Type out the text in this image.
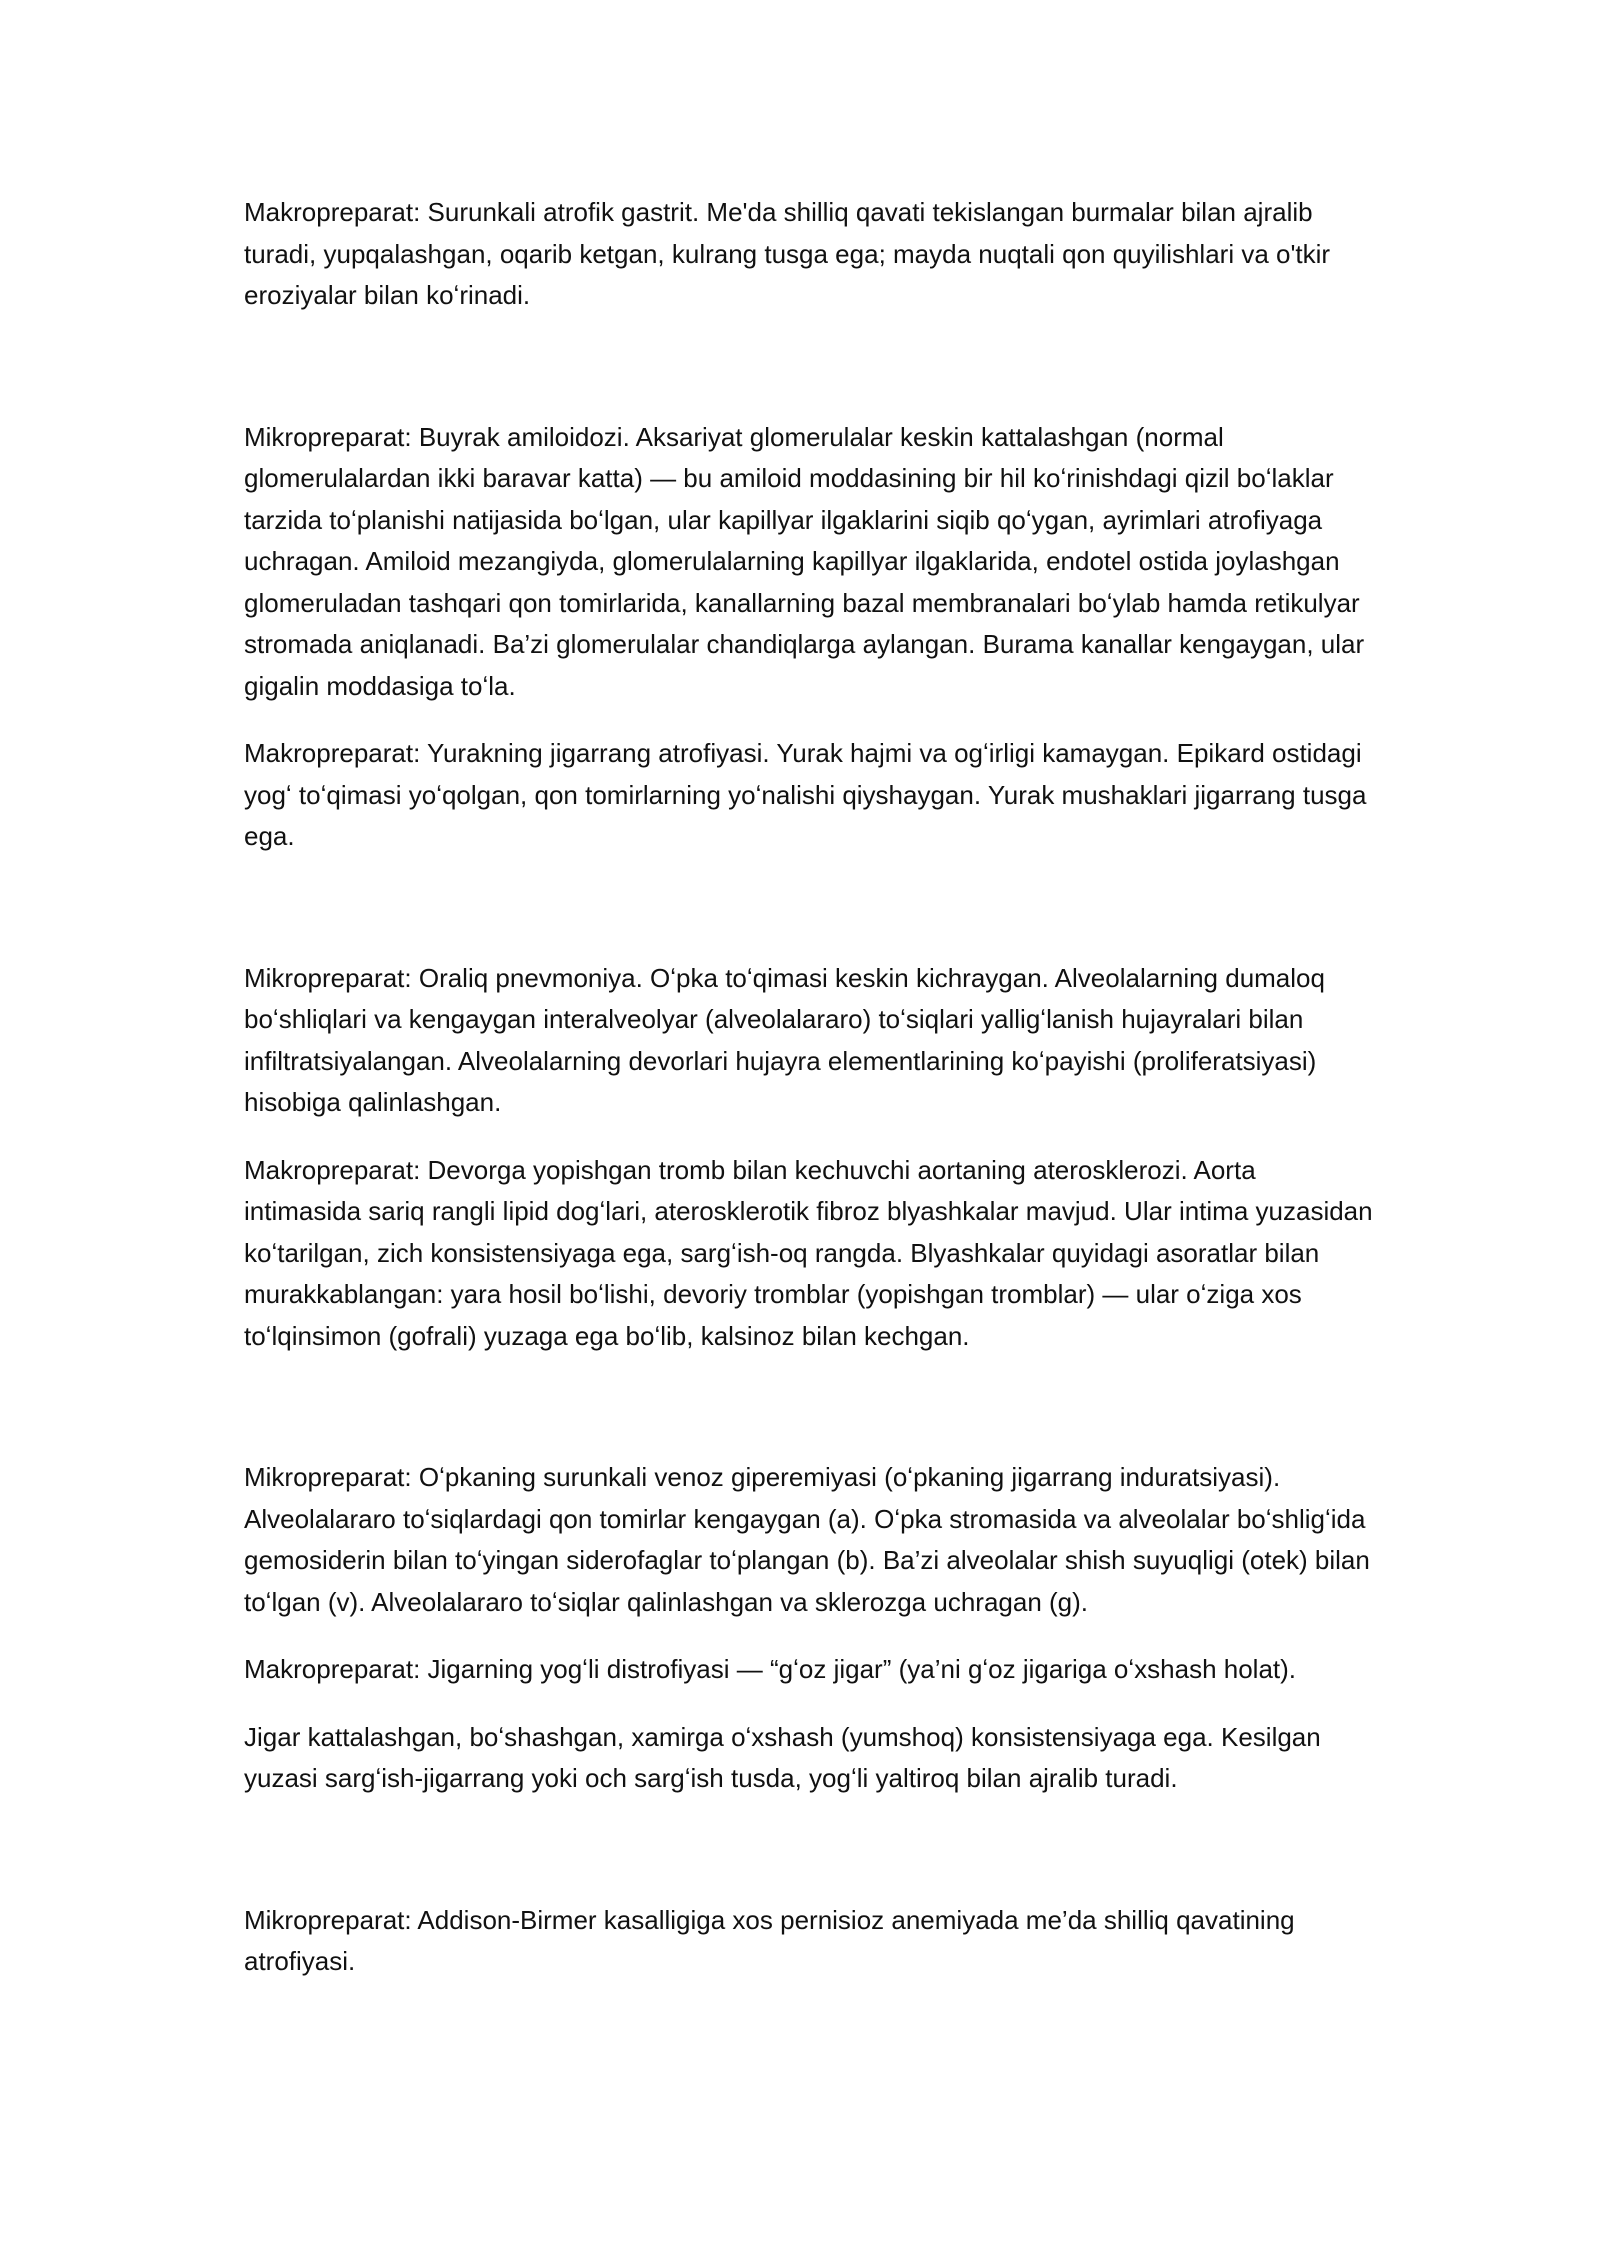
Makropreparat: Surunkali atrofik gastrit. Me'da shilliq qavati tekislangan burmalar bilan ajralib turadi, yupqalashgan, oqarib ketgan, kulrang tusga ega; mayda nuqtali qon quyilishlari va o'tkir eroziyalar bilan koʻrinadi.

Mikropreparat: Buyrak amiloidozi. Aksariyat glomerulalar keskin kattalashgan (normal glomerulalardan ikki baravar katta) — bu amiloid moddasining bir hil koʻrinishdagi qizil boʻlaklar tarzida toʻplanishi natijasida boʻlgan, ular kapillyar ilgaklarini siqib qoʻygan, ayrimlari atrofiyaga uchragan. Amiloid mezangiyda, glomerulalarning kapillyar ilgaklarida, endotel ostida joylashgan glomeruladan tashqari qon tomirlarida, kanallarning bazal membranalari boʻylab hamda retikulyar stromada aniqlanadi. Ba’zi glomerulalar chandiqlarga aylangan. Burama kanallar kengaygan, ular gigalin moddasiga toʻla.

Makropreparat: Yurakning jigarrang atrofiyasi. Yurak hajmi va ogʻirligi kamaygan. Epikard ostidagi yogʻ toʻqimasi yoʻqolgan, qon tomirlarning yoʻnalishi qiyshaygan. Yurak mushaklari jigarrang tusga ega.

Mikropreparat: Oraliq pnevmoniya. Oʻpka toʻqimasi keskin kichraygan. Alveolalarning dumaloq boʻshliqlari va kengaygan interalveolyar (alveolalararo) toʻsiqlari yalligʻlanish hujayralari bilan infiltratsiyalangan. Alveolalarning devorlari hujayra elementlarining koʻpayishi (proliferatsiyasi) hisobiga qalinlashgan.

Makropreparat: Devorga yopishgan tromb bilan kechuvchi aortaning aterosklerozi. Aorta intimasida sariq rangli lipid dogʻlari, aterosklerotik fibroz blyashkalar mavjud. Ular intima yuzasidan koʻtarilgan, zich konsistensiyaga ega, sargʻish-oq rangda. Blyashkalar quyidagi asoratlar bilan murakkablangan: yara hosil boʻlishi, devoriy tromblar (yopishgan tromblar) — ular oʻziga xos toʻlqinsimon (gofrali) yuzaga ega boʻlib, kalsinoz bilan kechgan.

Mikropreparat: Oʻpkaning surunkali venoz giperemiyasi (oʻpkaning jigarrang induratsiyasi). Alveolalararo toʻsiqlardagi qon tomirlar kengaygan (a). Oʻpka stromasida va alveolalar boʻshligʻida gemosiderin bilan toʻyingan siderofaglar toʻplangan (b). Ba’zi alveolalar shish suyuqligi (otek) bilan toʻlgan (v). Alveolalararo toʻsiqlar qalinlashgan va sklerozga uchragan (g).

Makropreparat: Jigarning yogʻli distrofiyasi — “gʻoz jigar” (ya’ni gʻoz jigariga oʻxshash holat).

Jigar kattalashgan, boʻshashgan, xamirga oʻxshash (yumshoq) konsistensiyaga ega. Kesilgan yuzasi sargʻish-jigarrang yoki och sargʻish tusda, yogʻli yaltiroq bilan ajralib turadi.

Mikropreparat: Addison-Birmer kasalligiga xos pernisioz anemiyada me’da shilliq qavatining atrofiyasi.
